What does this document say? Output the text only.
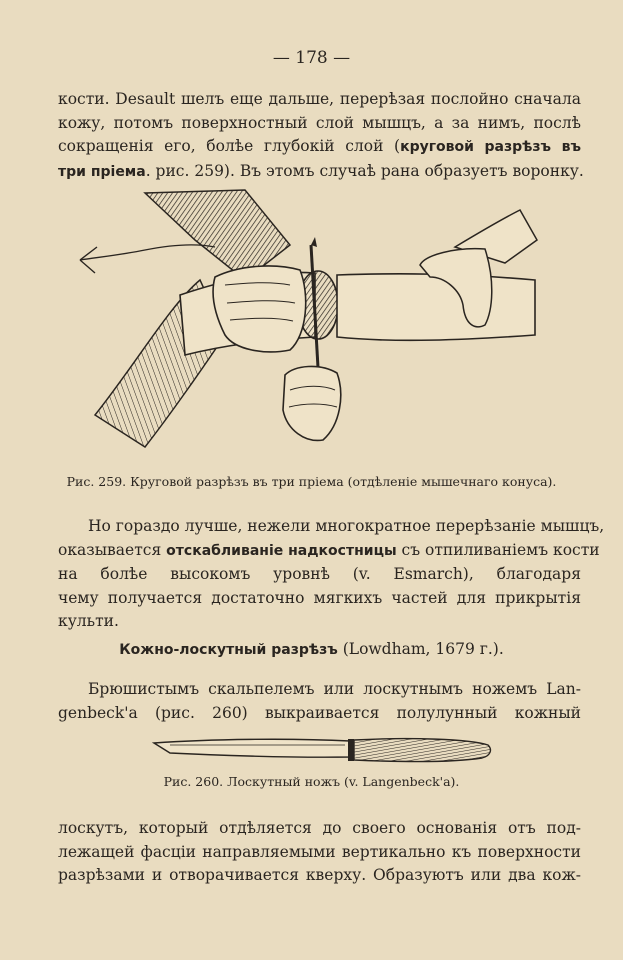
— 178 —
кости. Desault шелъ еще дальше, перерѣзая послойно сначала
кожу, потомъ поверхностный слой мышцъ, а за нимъ, послѣ
сокращенія его, болѣе глубокій слой (круговой разрѣзъ въ
три пріема. рис. 259). Въ этомъ случаѣ рана образуетъ воронку.
Рис. 259. Круговой разрѣзъ въ три пріема (отдѣленіе мышечнаго конуса).
Но гораздо лучше, нежели многократное перерѣзаніе мышцъ,
оказывается отскабливаніе надкостницы съ отпиливаніемъ кости
на болѣе высокомъ уровнѣ (v. Esmarch), благодаря
чему получается достаточно мягкихъ частей для прикрытія
культи.
Кожно-лоскутный разрѣзъ (Lowdham, 1679 г.).
Брюшистымъ скальпелемъ или лоскутнымъ ножемъ Lan-
genbeck'a (рис. 260) выкраивается полулунный кожный
Рис. 260. Лоскутный ножъ (v. Langenbeck'a).
лоскутъ, который отдѣляется до своего основанія отъ под-
лежащей фасціи направляемыми вертикально къ поверхности
разрѣзами и отворачивается кверху. Образуютъ или два кож-
